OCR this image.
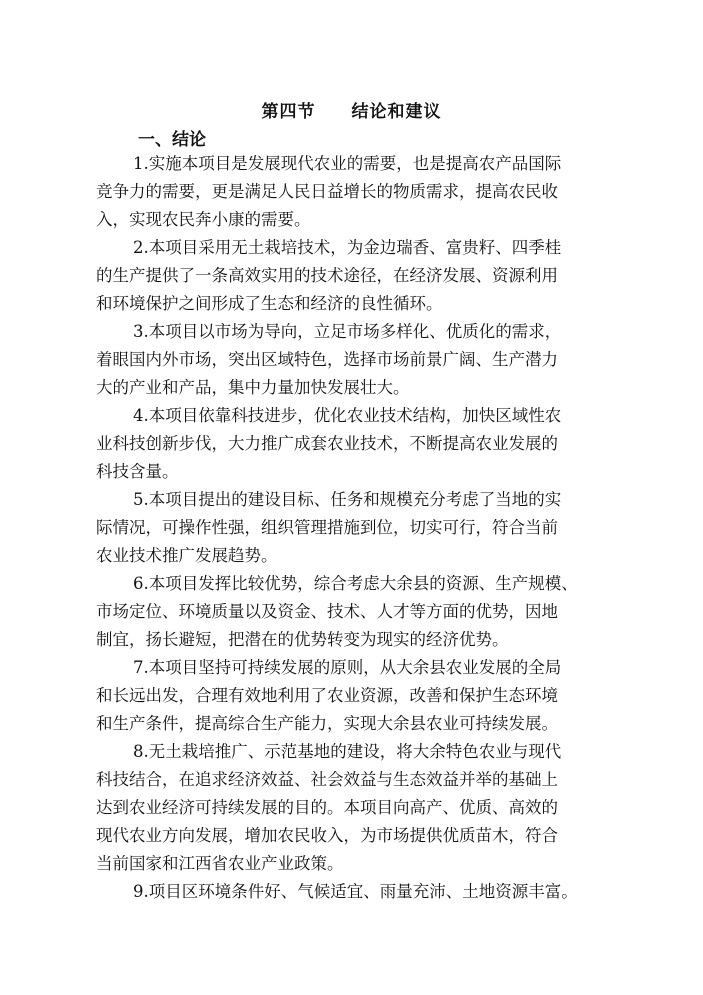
第四节　　结论和建议
一、结论

1.实施本项目是发展现代农业的需要，也是提高农产品国际
竞争力的需要，更是满足人民日益增长的物质需求，提高农民收
入，实现农民奔小康的需要。

2.本项目采用无土栽培技术，为金边瑞香、富贵籽、四季桂
的生产提供了一条高效实用的技术途径，在经济发展、资源利用
和环境保护之间形成了生态和经济的良性循环。

3.本项目以市场为导向，立足市场多样化、优质化的需求，
着眼国内外市场，突出区域特色，选择市场前景广阔、生产潜力
大的产业和产品，集中力量加快发展壮大。

4.本项目依靠科技进步，优化农业技术结构，加快区域性农
业科技创新步伐，大力推广成套农业技术，不断提高农业发展的
科技含量。

5.本项目提出的建设目标、任务和规模充分考虑了当地的实
际情况，可操作性强，组织管理措施到位，切实可行，符合当前
农业技术推广发展趋势。

6.本项目发挥比较优势，综合考虑大余县的资源、生产规模、
市场定位、环境质量以及资金、技术、人才等方面的优势，因地
制宜，扬长避短，把潜在的优势转变为现实的经济优势。

7.本项目坚持可持续发展的原则，从大余县农业发展的全局
和长远出发，合理有效地利用了农业资源，改善和保护生态环境
和生产条件，提高综合生产能力，实现大余县农业可持续发展。

8.无土栽培推广、示范基地的建设，将大余特色农业与现代
科技结合，在追求经济效益、社会效益与生态效益并举的基础上
达到农业经济可持续发展的目的。本项目向高产、优质、高效的
现代农业方向发展，增加农民收入，为市场提供优质苗木，符合
当前国家和江西省农业产业政策。

9.项目区环境条件好、气候适宜、雨量充沛、土地资源丰富。
